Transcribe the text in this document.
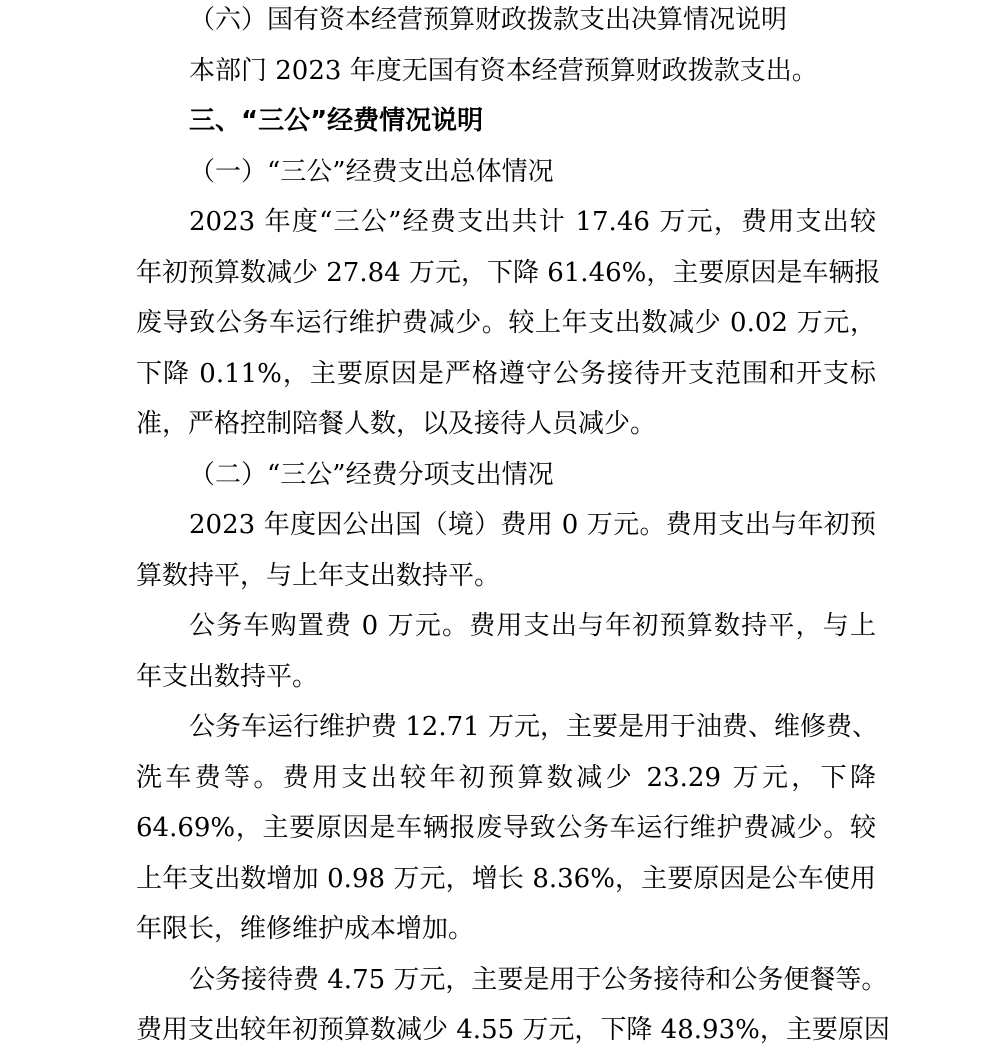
（六）国有资本经营预算财政拨款支出决算情况说明
本部门 2023 年度无国有资本经营预算财政拨款支出。
三、“三公”经费情况说明
（一）“三公”经费支出总体情况
2023 年度“三公”经费支出共计 17.46 万元，费用支出较
年初预算数减少 27.84 万元，下降 61.46%，主要原因是车辆报
废导致公务车运行维护费减少。较上年支出数减少 0.02 万元，
下降 0.11%，主要原因是严格遵守公务接待开支范围和开支标
准，严格控制陪餐人数，以及接待人员减少。
（二）“三公”经费分项支出情况
2023 年度因公出国（境）费用 0 万元。费用支出与年初预
算数持平，与上年支出数持平。
公务车购置费 0 万元。费用支出与年初预算数持平，与上
年支出数持平。
公务车运行维护费 12.71 万元，主要是用于油费、维修费、
洗车费等。费用支出较年初预算数减少 23.29 万元，下降
64.69%，主要原因是车辆报废导致公务车运行维护费减少。较
上年支出数增加 0.98 万元，增长 8.36%，主要原因是公车使用
年限长，维修维护成本增加。
公务接待费 4.75 万元，主要是用于公务接待和公务便餐等。
费用支出较年初预算数减少 4.55 万元，下降 48.93%，主要原因
